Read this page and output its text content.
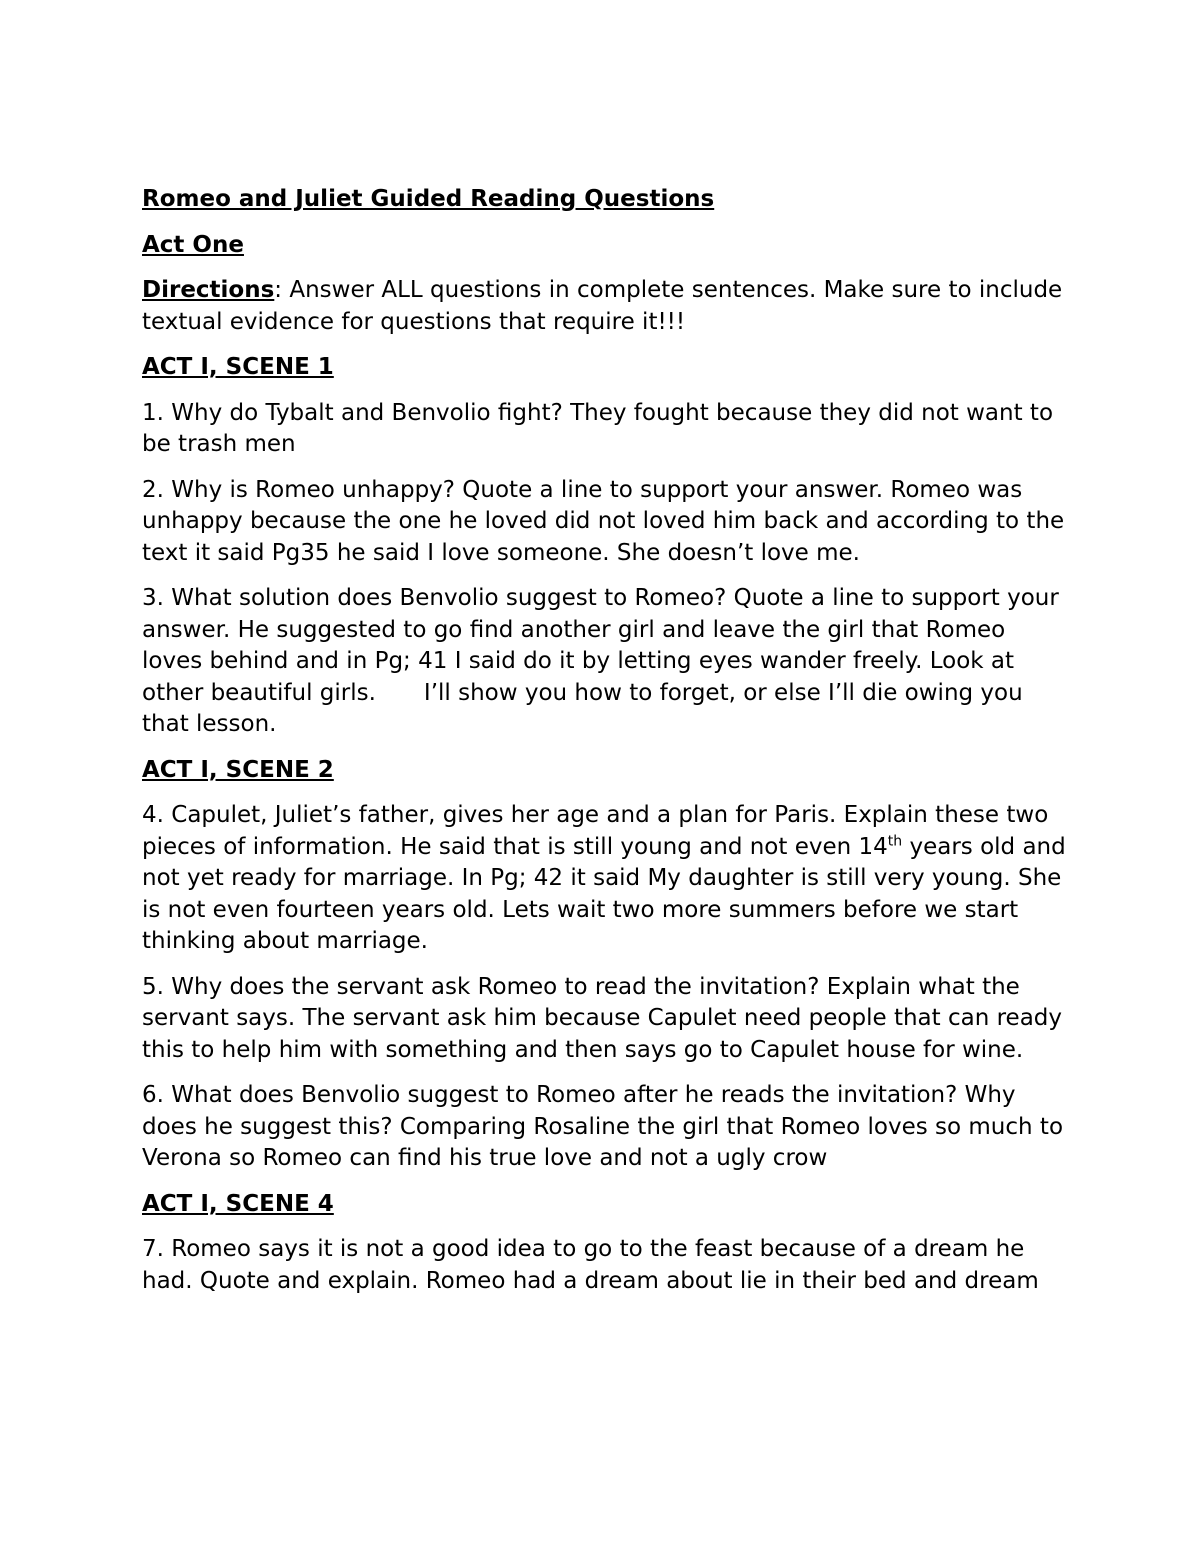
Romeo and Juliet Guided Reading Questions
Act One

Directions: Answer ALL questions in complete sentences. Make sure to include textual evidence for questions that require it!!!

ACT I, SCENE 1

1. Why do Tybalt and Benvolio fight? They fought because they did not want to be trash men

2. Why is Romeo unhappy? Quote a line to support your answer. Romeo was unhappy because the one he loved did not loved him back and according to the text it said Pg35 he said I love someone. She doesn’t love me.

3. What solution does Benvolio suggest to Romeo? Quote a line to support your answer. He suggested to go find another girl and leave the girl that Romeo loves behind and in Pg; 41 I said do it by letting eyes wander freely. Look at other beautiful girls. I’ll show you how to forget, or else I’ll die owing you that lesson.

ACT I, SCENE 2

4. Capulet, Juliet’s father, gives her age and a plan for Paris. Explain these two pieces of information. He said that is still young and not even 14th years old and not yet ready for marriage. In Pg; 42 it said My daughter is still very young. She is not even fourteen years old. Lets wait two more summers before we start thinking about marriage.

5. Why does the servant ask Romeo to read the invitation? Explain what the servant says. The servant ask him because Capulet need people that can ready this to help him with something and then says go to Capulet house for wine.

6. What does Benvolio suggest to Romeo after he reads the invitation? Why does he suggest this? Comparing Rosaline the girl that Romeo loves so much to Verona so Romeo can find his true love and not a ugly crow

ACT I, SCENE 4

7. Romeo says it is not a good idea to go to the feast because of a dream he had. Quote and explain. Romeo had a dream about lie in their bed and dream
